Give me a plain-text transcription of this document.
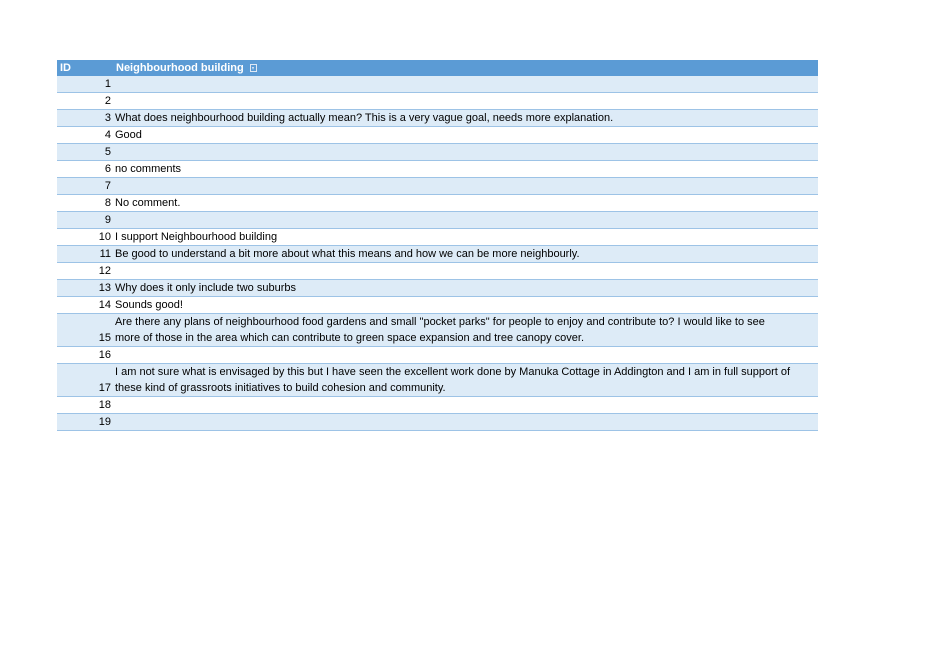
ID	Neighbourhood building
1	

2	

3	What does neighbourhood building actually mean? This is a very vague goal, needs more explanation.

4	Good

5	

6	no comments

7	

8	No comment.

9	

10	I support Neighbourhood building

11	Be good to understand a bit more about what this means and how we can be more neighbourly.

12	

13	Why does it only include two suburbs

14	Sounds good!

15	Are there any plans of neighbourhood food gardens and small "pocket parks" for people to enjoy and contribute to? I would like to see
more of those in the area which can contribute to green space expansion and tree canopy cover.

16	

17	I am not sure what is envisaged by this but I have seen the excellent work done by Manuka Cottage in Addington and I am in full support of
these kind of grassroots initiatives to build cohesion and community.

18	

19	
